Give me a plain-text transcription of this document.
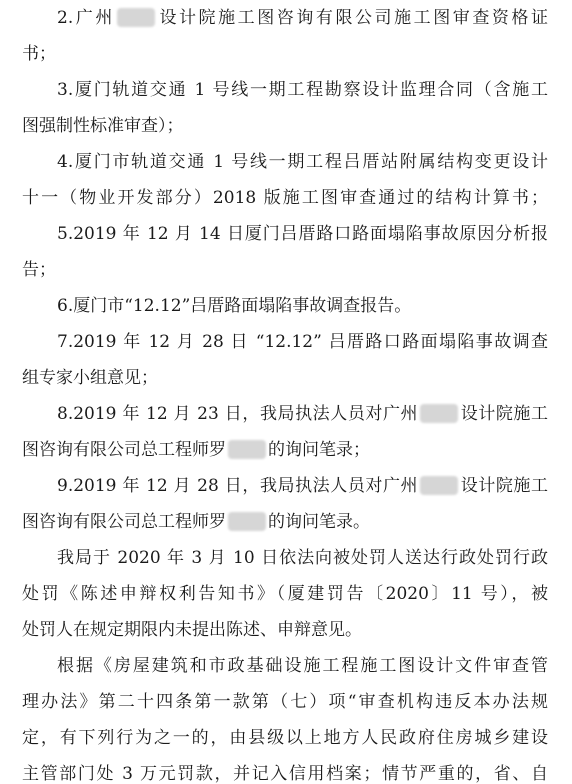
2.广州 设计院施工图咨询有限公司施工图审查资格证
书；
3.厦门轨道交通 1 号线一期工程勘察设计监理合同（含施工
图强制性标准审查）；
4.厦门市轨道交通 1 号线一期工程吕厝站附属结构变更设计
十一（物业开发部分）2018 版施工图审查通过的结构计算书；
5.2019 年 12 月 14 日厦门吕厝路口路面塌陷事故原因分析报
告；
6.厦门市“12.12”吕厝路面塌陷事故调查报告。
7.2019 年 12 月 28 日 “12.12” 吕厝路口路面塌陷事故调查
组专家小组意见；
8.2019 年 12 月 23 日，我局执法人员对广州 设计院施工
图咨询有限公司总工程师罗 的询问笔录；
9.2019 年 12 月 28 日，我局执法人员对广州 设计院施工
图咨询有限公司总工程师罗 的询问笔录。
我局于 2020 年 3 月 10 日依法向被处罚人送达行政处罚行政
处罚《陈述申辩权利告知书》（厦建罚告〔2020〕11 号），被
处罚人在规定期限内未提出陈述、申辩意见。
根据《房屋建筑和市政基础设施工程施工图设计文件审查管
理办法》第二十四条第一款第（七）项“审查机构违反本办法规
定，有下列行为之一的，由县级以上地方人民政府住房城乡建设
主管部门处 3 万元罚款，并记入信用档案；情节严重的，省、自
